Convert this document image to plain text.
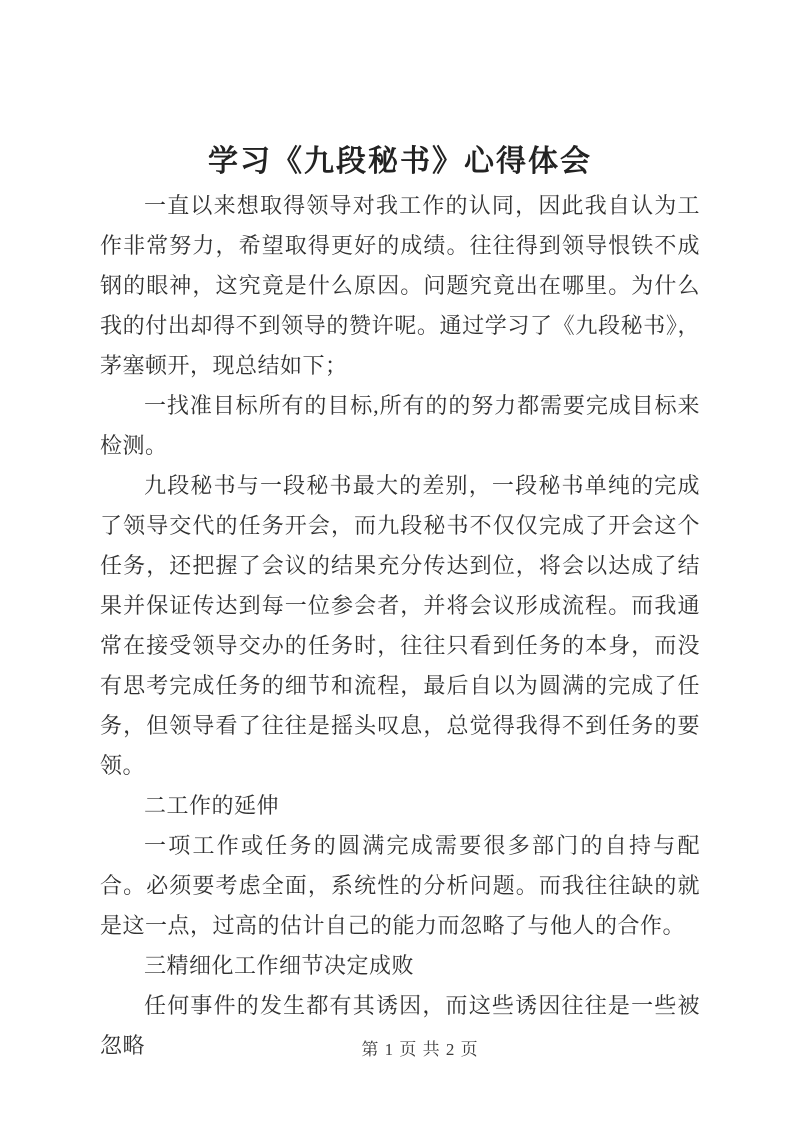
学习《九段秘书》心得体会

一直以来想取得领导对我工作的认同，因此我自认为工作非常努力，希望取得更好的成绩。往往得到领导恨铁不成钢的眼神，这究竟是什么原因。问题究竟出在哪里。为什么我的付出却得不到领导的赞许呢。通过学习了《九段秘书》，茅塞顿开，现总结如下；

一找准目标所有的目标,所有的的努力都需要完成目标来检测。

九段秘书与一段秘书最大的差别，一段秘书单纯的完成了领导交代的任务开会，而九段秘书不仅仅完成了开会这个任务，还把握了会议的结果充分传达到位，将会以达成了结果并保证传达到每一位参会者，并将会议形成流程。而我通常在接受领导交办的任务时，往往只看到任务的本身，而没有思考完成任务的细节和流程，最后自以为圆满的完成了任务，但领导看了往往是摇头叹息，总觉得我得不到任务的要领。

二工作的延伸

一项工作或任务的圆满完成需要很多部门的自持与配合。必须要考虑全面，系统性的分析问题。而我往往缺的就是这一点，过高的估计自己的能力而忽略了与他人的合作。

三精细化工作细节决定成败

任何事件的发生都有其诱因，而这些诱因往往是一些被忽略	第 1 页 共 2 页
